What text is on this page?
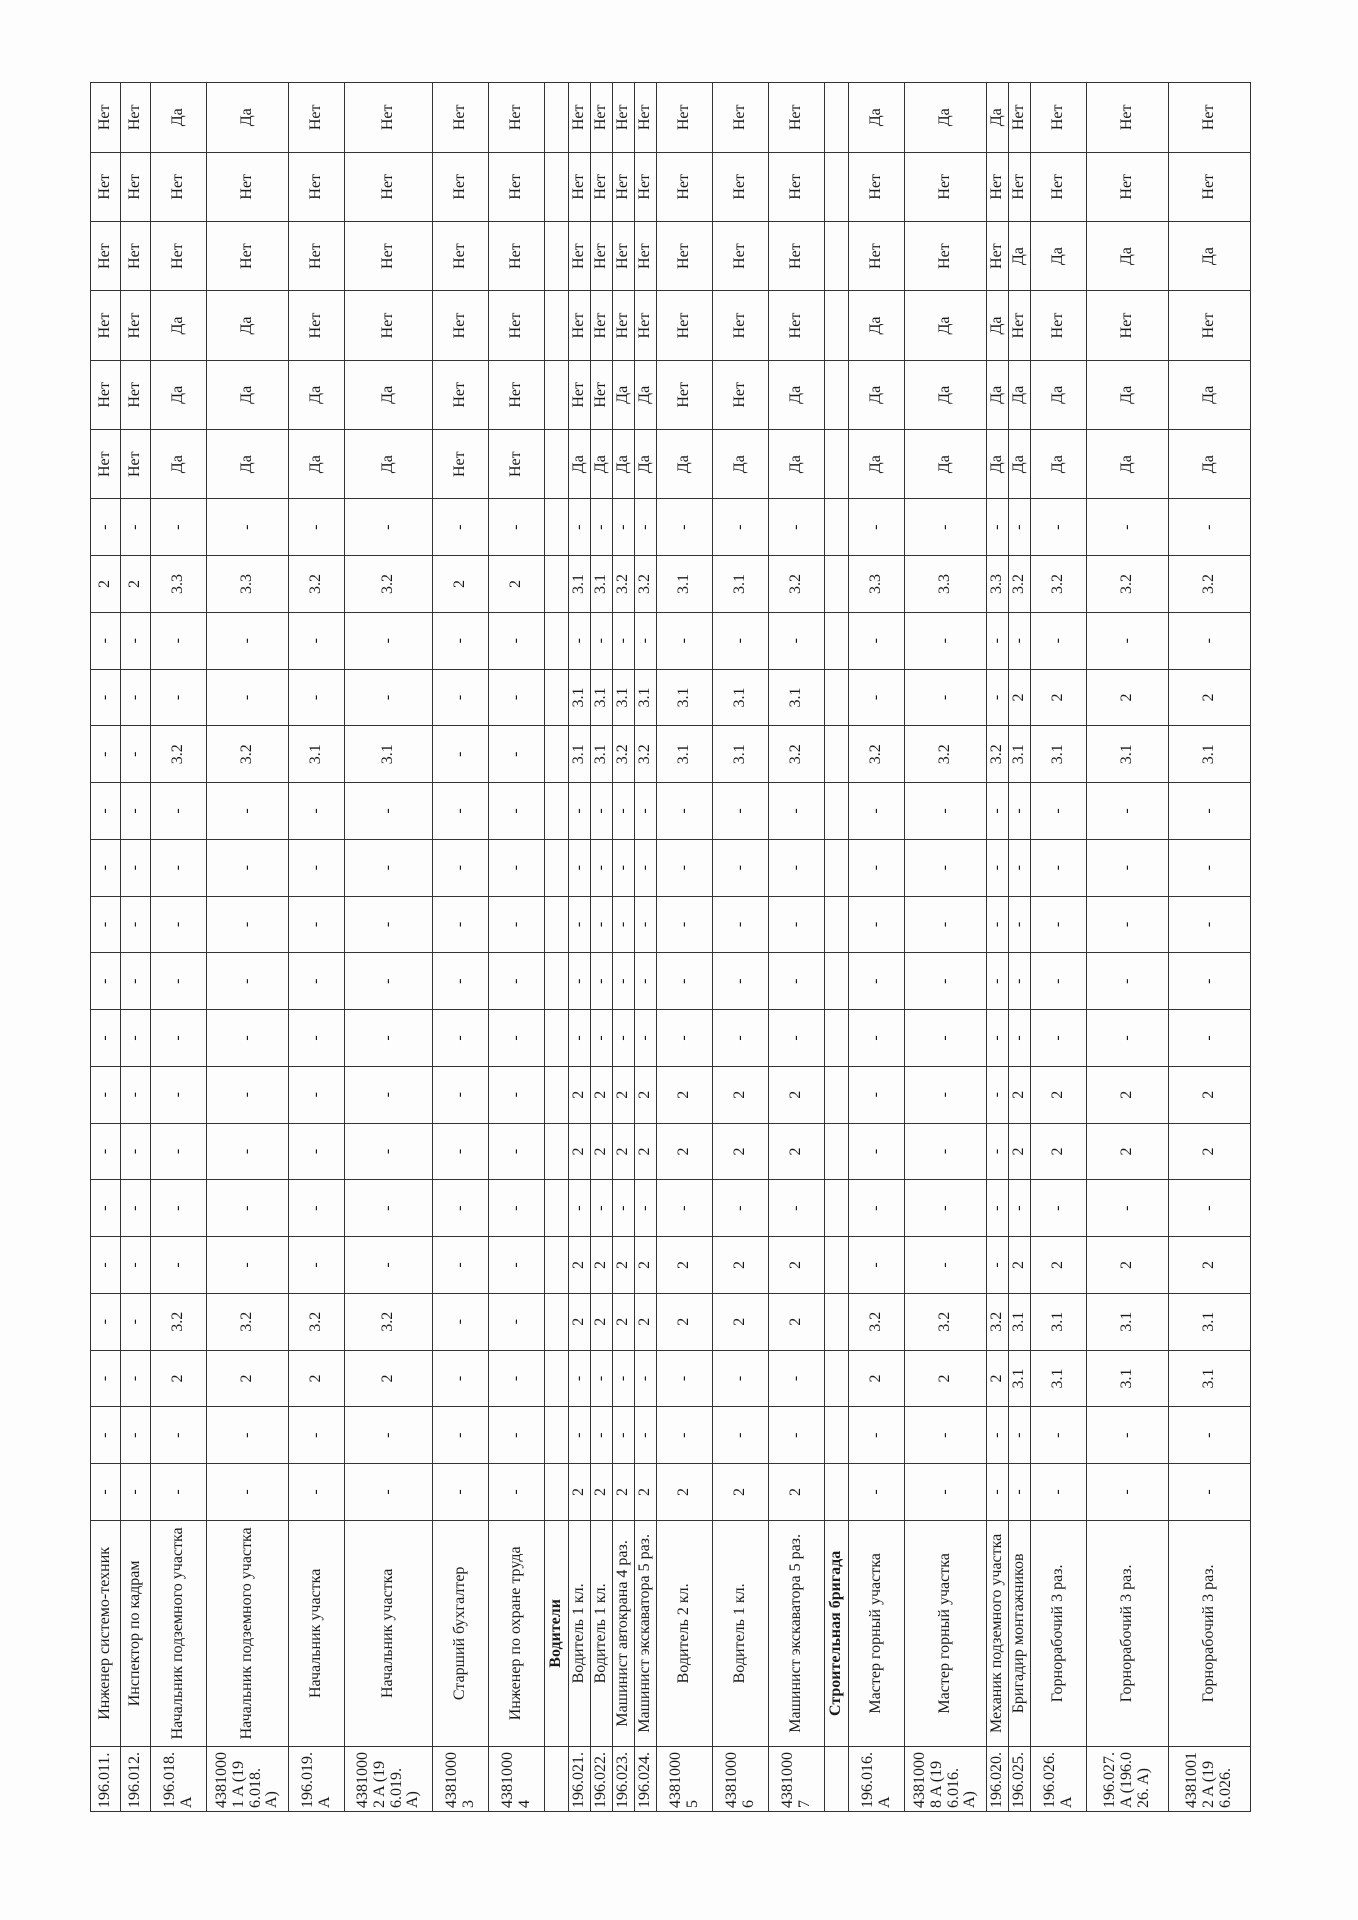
196.011.	Инженер системо-техник	-	-	-	-	-	-	-	-	-	-	-	-	-	-	-	-	2	-	Нет	Нет	Нет	Нет	Нет	Нет
196.012.	Инспектор по кадрам	-	-	-	-	-	-	-	-	-	-	-	-	-	-	-	-	2	-	Нет	Нет	Нет	Нет	Нет	Нет
196.018. A	Начальник подземного участка	-	-	2	3.2	-	-	-	-	-	-	-	-	-	3.2	-	-	3.3	-	Да	Да	Да	Нет	Нет	Да
43810001 A (196.018. A)	Начальник подземного участка	-	-	2	3.2	-	-	-	-	-	-	-	-	-	3.2	-	-	3.3	-	Да	Да	Да	Нет	Нет	Да
196.019. A	Начальник участка	-	-	2	3.2	-	-	-	-	-	-	-	-	-	3.1	-	-	3.2	-	Да	Да	Нет	Нет	Нет	Нет
43810002 A (196.019. A)	Начальник участка	-	-	2	3.2	-	-	-	-	-	-	-	-	-	3.1	-	-	3.2	-	Да	Да	Нет	Нет	Нет	Нет
43810003	Старший бухгалтер	-	-	-	-	-	-	-	-	-	-	-	-	-	-	-	-	2	-	Нет	Нет	Нет	Нет	Нет	Нет
43810004	Инженер по охране труда	-	-	-	-	-	-	-	-	-	-	-	-	-	-	-	-	2	-	Нет	Нет	Нет	Нет	Нет	Нет
	Водители																								
196.021.	Водитель 1 кл.	2	-	-	2	2	-	2	2	-	-	-	-	-	3.1	3.1	-	3.1	-	Да	Нет	Нет	Нет	Нет	Нет
196.022.	Водитель 1 кл.	2	-	-	2	2	-	2	2	-	-	-	-	-	3.1	3.1	-	3.1	-	Да	Нет	Нет	Нет	Нет	Нет
196.023.	Машинист автокрана 4 раз.	2	-	-	2	2	-	2	2	-	-	-	-	-	3.2	3.1	-	3.2	-	Да	Да	Нет	Нет	Нет	Нет
196.024.	Машинист экскаватора 5 раз.	2	-	-	2	2	-	2	2	-	-	-	-	-	3.2	3.1	-	3.2	-	Да	Да	Нет	Нет	Нет	Нет
43810005	Водитель 2 кл.	2	-	-	2	2	-	2	2	-	-	-	-	-	3.1	3.1	-	3.1	-	Да	Нет	Нет	Нет	Нет	Нет
43810006	Водитель 1 кл.	2	-	-	2	2	-	2	2	-	-	-	-	-	3.1	3.1	-	3.1	-	Да	Нет	Нет	Нет	Нет	Нет
43810007	Машинист экскаватора 5 раз.	2	-	-	2	2	-	2	2	-	-	-	-	-	3.2	3.1	-	3.2	-	Да	Да	Нет	Нет	Нет	Нет
	Строительная бригада																								
196.016. A	Мастер горный участка	-	-	2	3.2	-	-	-	-	-	-	-	-	-	3.2	-	-	3.3	-	Да	Да	Да	Нет	Нет	Да
43810008 A (196.016. A)	Мастер горный участка	-	-	2	3.2	-	-	-	-	-	-	-	-	-	3.2	-	-	3.3	-	Да	Да	Да	Нет	Нет	Да
196.020.	Механик подземного участка	-	-	2	3.2	-	-	-	-	-	-	-	-	-	3.2	-	-	3.3	-	Да	Да	Да	Нет	Нет	Да
196.025.	Бригадир монтажников	-	-	3.1	3.1	2	-	2	2	-	-	-	-	-	3.1	2	-	3.2	-	Да	Да	Нет	Да	Нет	Нет
196.026. A	Горнорабочий 3 раз.	-	-	3.1	3.1	2	-	2	2	-	-	-	-	-	3.1	2	-	3.2	-	Да	Да	Нет	Да	Нет	Нет
196.027. A (196.026. A)	Горнорабочий 3 раз.	-	-	3.1	3.1	2	-	2	2	-	-	-	-	-	3.1	2	-	3.2	-	Да	Да	Нет	Да	Нет	Нет
43810012 A (196.026.	Горнорабочий 3 раз.	-	-	3.1	3.1	2	-	2	2	-	-	-	-	-	3.1	2	-	3.2	-	Да	Да	Нет	Да	Нет	Нет
